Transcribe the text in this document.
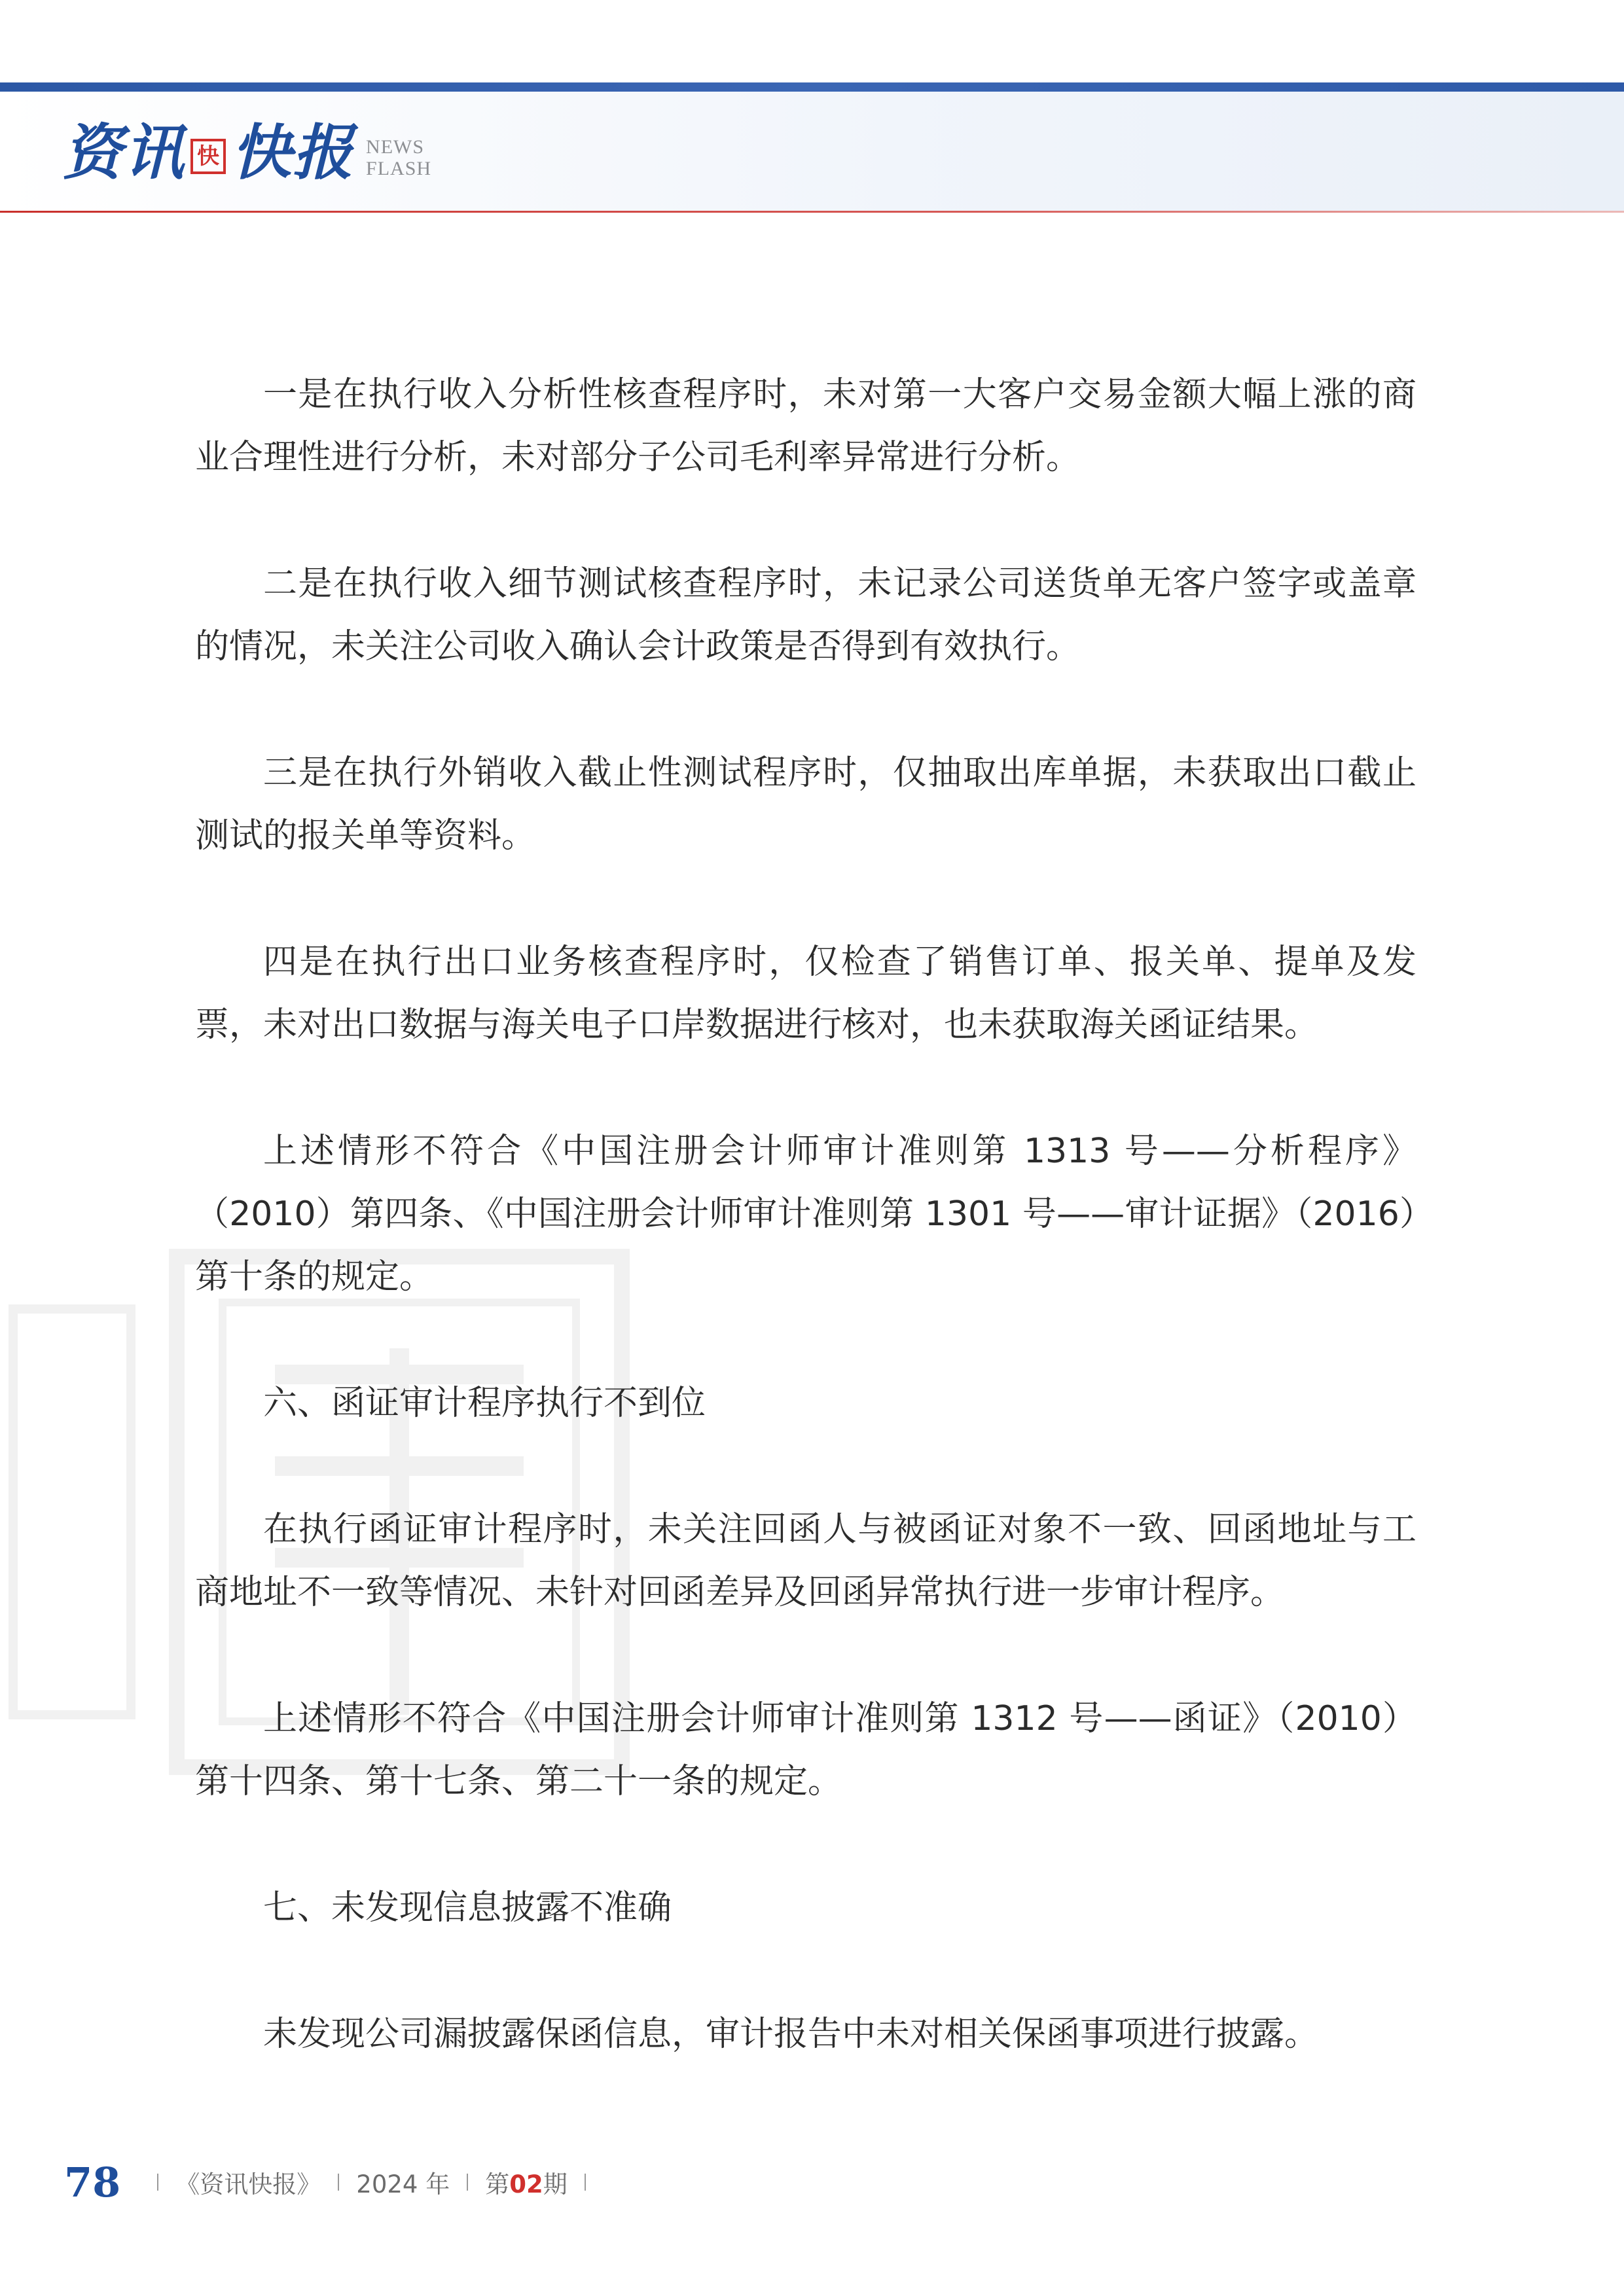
资讯 快 快报 NEWS
FLASH

一是在执行收入分析性核查程序时，未对第一大客户交易金额大幅上涨的商业合理性进行分析，未对部分子公司毛利率异常进行分析。

二是在执行收入细节测试核查程序时，未记录公司送货单无客户签字或盖章的情况，未关注公司收入确认会计政策是否得到有效执行。

三是在执行外销收入截止性测试程序时，仅抽取出库单据，未获取出口截止测试的报关单等资料。

四是在执行出口业务核查程序时，仅检查了销售订单、报关单、提单及发票，未对出口数据与海关电子口岸数据进行核对，也未获取海关函证结果。

上述情形不符合《中国注册会计师审计准则第 1313 号——分析程序》（2010）第四条、《中国注册会计师审计准则第 1301 号——审计证据》（2016）第十条的规定。

六、函证审计程序执行不到位

在执行函证审计程序时，未关注回函人与被函证对象不一致、回函地址与工商地址不一致等情况、未针对回函差异及回函异常执行进一步审计程序。

上述情形不符合《中国注册会计师审计准则第 1312 号——函证》（2010）第十四条、第十七条、第二十一条的规定。

七、未发现信息披露不准确

未发现公司漏披露保函信息，审计报告中未对相关保函事项进行披露。

78 《资讯快报》 2024 年 第02期
